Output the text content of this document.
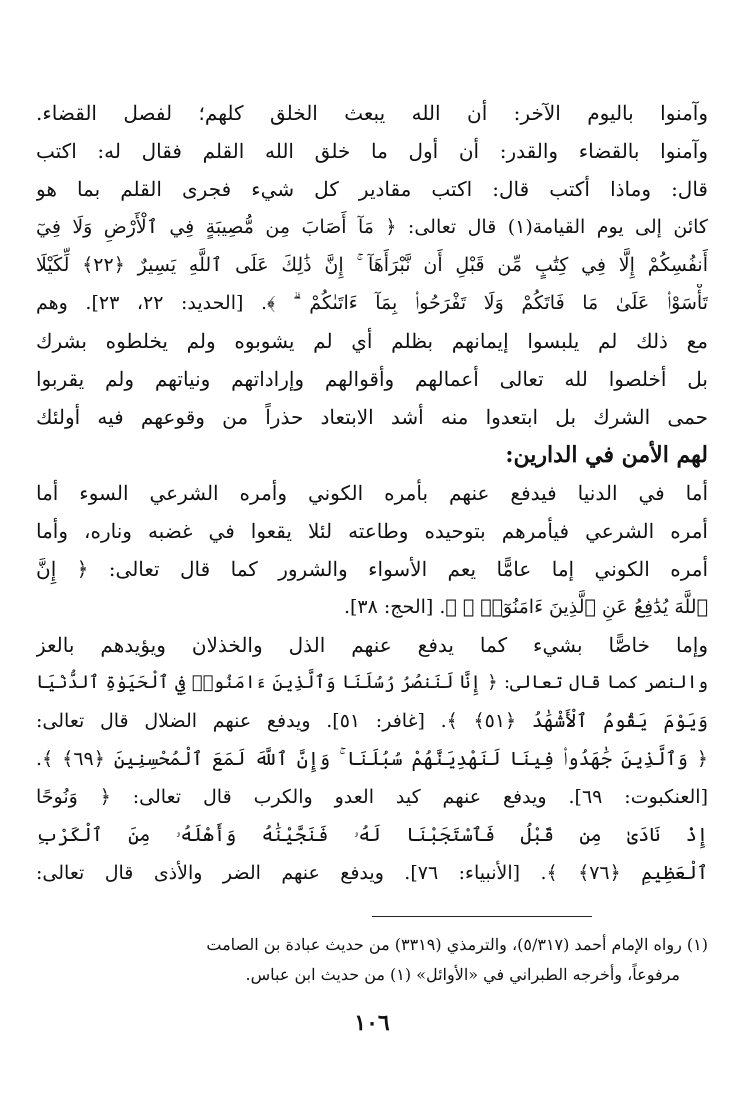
وآمنوا باليوم الآخر: أن الله يبعث الخلق كلهم؛ لفصل القضاء.
وآمنوا بالقضاء والقدر: أن أول ما خلق الله القلم فقال له: اكتب
قال: وماذا أكتب قال: اكتب مقادير كل شيء فجرى القلم بما هو
كائن إلى يوم القيامة(١) قال تعالى: ﴿ مَآ أَصَابَ مِن مُّصِيبَةٍ فِي ٱلْأَرْضِ وَلَا فِيٓ
أَنفُسِكُمْ إِلَّا فِي كِتَٰبٍ مِّن قَبْلِ أَن نَّبْرَأَهَآ ۚ إِنَّ ذَٰلِكَ عَلَى ٱللَّهِ يَسِيرٌ ﴿٢٢﴾ لِّكَيْلَا
تَأْسَوْا۟ عَلَىٰ مَا فَاتَكُمْ وَلَا تَفْرَحُوا۟ بِمَآ ءَاتَىٰكُمْ ۗ ﴾. [الحديد: ٢٢، ٢٣]. وهم
مع ذلك لم يلبسوا إيمانهم بظلم أي لم يشوبوه ولم يخلطوه بشرك
بل أخلصوا لله تعالى أعمالهم وأقوالهم وإراداتهم ونياتهم ولم يقربوا
حمى الشرك بل ابتعدوا منه أشد الابتعاد حذراً من وقوعهم فيه أولئك
لهم الأمن في الدارين:
أما في الدنيا فيدفع عنهم بأمره الكوني وأمره الشرعي السوء أما
أمره الشرعي فيأمرهم بتوحيده وطاعته لئلا يقعوا في غضبه وناره، وأما
أمره الكوني إما عامًّا يعم الأسواء والشرور كما قال تعالى: ﴿ إِنَّ
ٱللَّهَ يُدَٰفِعُ عَنِ ٱلَّذِينَ ءَامَنُوٓا۟ ۗ ﴾. [الحج: ٣٨].
وإما خاصًّا بشيء كما يدفع عنهم الذل والخذلان ويؤيدهم بالعز
والنصر كما قال تعالى: ﴿ إِنَّا لَنَنصُرُ رُسُلَنَا وَٱلَّذِينَ ءَامَنُوا۟ فِي ٱلْحَيَوٰةِ ٱلدُّنْيَا
وَيَوْمَ يَقُومُ ٱلْأَشْهَٰدُ ﴿٥١﴾ ﴾. [غافر: ٥١]. ويدفع عنهم الضلال قال تعالى:
﴿ وَٱلَّذِينَ جَٰهَدُوا۟ فِينَا لَنَهْدِيَنَّهُمْ سُبُلَنَا ۚ وَإِنَّ ٱللَّهَ لَمَعَ ٱلْمُحْسِنِينَ ﴿٦٩﴾ ﴾.
[العنكبوت: ٦٩]. ويدفع عنهم كيد العدو والكرب قال تعالى: ﴿ وَنُوحًا
إِذْ نَادَىٰ مِن قَبْلُ فَٱسْتَجَبْنَا لَهُۥ فَنَجَّيْنَٰهُ وَأَهْلَهُۥ مِنَ ٱلْكَرْبِ
ٱلْعَظِيمِ ﴿٧٦﴾ ﴾. [الأنبياء: ٧٦]. ويدفع عنهم الضر والأذى قال تعالى:
(١) رواه الإمام أحمد (٥/٣١٧)، والترمذي (٣٣١٩) من حديث عبادة بن الصامت
مرفوعاً، وأخرجه الطبراني في «الأوائل» (١) من حديث ابن عباس.
١٠٦
